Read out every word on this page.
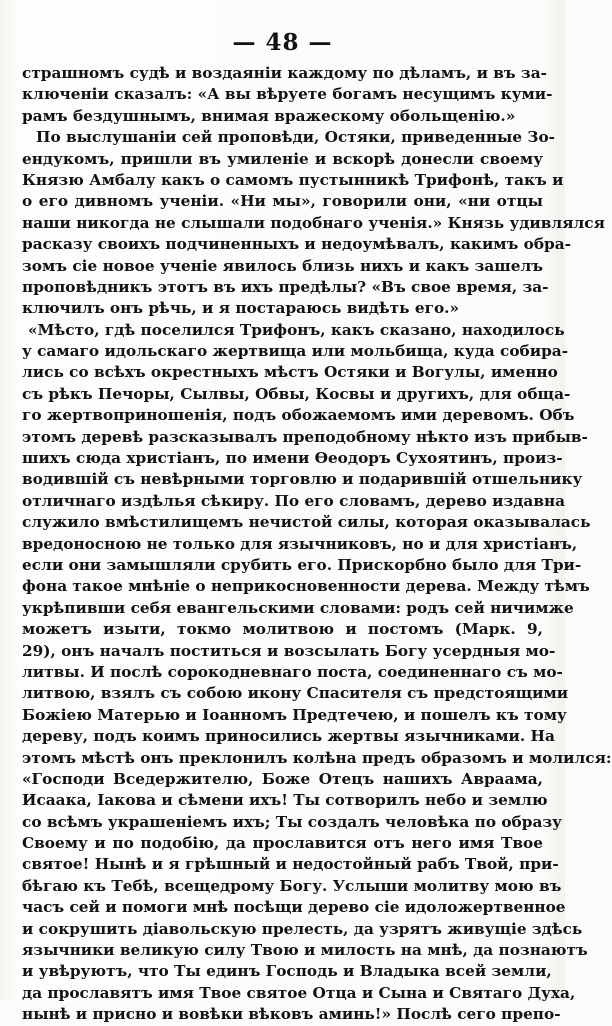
— 48 —
страшномъ судѣ и воздаяніи каждому по дѣламъ, и въ за-
ключеніи сказалъ: «А вы вѣруете богамъ несущимъ куми-
рамъ бездушнымъ, внимая вражескому обольщенію.»
По выслушаніи сей проповѣди, Остяки, приведенные Зо-
ендукомъ, пришли въ умиленіе и вскорѣ донесли своему
Князю Амбалу какъ о самомъ пустынникѣ Трифонѣ, такъ и
о его дивномъ ученіи. «Ни мы», говорили они, «ни отцы
наши никогда не слышали подобнаго ученія.» Князь удивлялся
расказу своихъ подчиненныхъ и недоумѣвалъ, какимъ обра-
зомъ сіе новое ученіе явилось близь нихъ и какъ зашелъ
проповѣдникъ этотъ въ ихъ предѣлы? «Въ свое время, за-
ключилъ онъ рѣчь, и я постараюсь видѣть его.»
«Мѣсто, гдѣ поселился Трифонъ, какъ сказано, находилось
у самаго идольскаго жертвища или мольбища, куда собира-
лись со всѣхъ окрестныхъ мѣстъ Остяки и Вогулы, именно
съ рѣкъ Печоры, Сылвы, Обвы, Косвы и другихъ, для обща-
го жертвоприношенія, подъ обожаемомъ ими деревомъ. Объ
этомъ деревѣ разсказывалъ преподобному нѣкто изъ прибыв-
шихъ сюда христіанъ, по имени Ѳеодоръ Сухоятинъ, произ-
водившій съ невѣрными торговлю и подарившій отшельнику
отличнаго издѣлья сѣкиру. По его словамъ, дерево издавна
служило вмѣстилищемъ нечистой силы, которая оказывалась
вредоносною не только для язычниковъ, но и для христіанъ,
если они замышляли срубить его. Прискорбно было для Три-
фона такое мнѣніе о неприкосновенности дерева. Между тѣмъ
укрѣпивши себя евангельскими словами: родъ сей ничимже
можетъ изыти, токмо молитвою и постомъ (Марк. 9,
29), онъ началъ поститься и возсылать Богу усердныя мо-
литвы. И послѣ сорокодневнаго поста, соединеннаго съ мо-
литвою, взялъ съ собою икону Спасителя съ предстоящими
Божіею Матерью и Іоанномъ Предтечею, и пошелъ къ тому
дереву, подъ коимъ приносились жертвы язычниками. На
этомъ мѣстѣ онъ преклонилъ колѣна предъ образомъ и молился:
«Господи Вседержителю, Боже Отецъ нашихъ Авраама,
Исаака, Іакова и сѣмени ихъ! Ты сотворилъ небо и землю
со всѣмъ украшеніемъ ихъ; Ты создалъ человѣка по образу
Своему и по подобію, да прославится отъ него имя Твое
святое! Нынѣ и я грѣшный и недостойный рабъ Твой, при-
бѣгаю къ Тебѣ, всещедрому Богу. Услыши молитву мою въ
часъ сей и помоги мнѣ посѣщи дерево сіе идоложертвенное
и сокрушить діавольскую прелесть, да узрятъ живущіе здѣсь
язычники великую силу Твою и милость на мнѣ, да познаютъ
и увѣруютъ, что Ты единъ Господь и Владыка всей земли,
да прославятъ имя Твое святое Отца и Сына и Святаго Духа,
нынѣ и присно и вовѣки вѣковъ аминь!» Послѣ сего препо-
